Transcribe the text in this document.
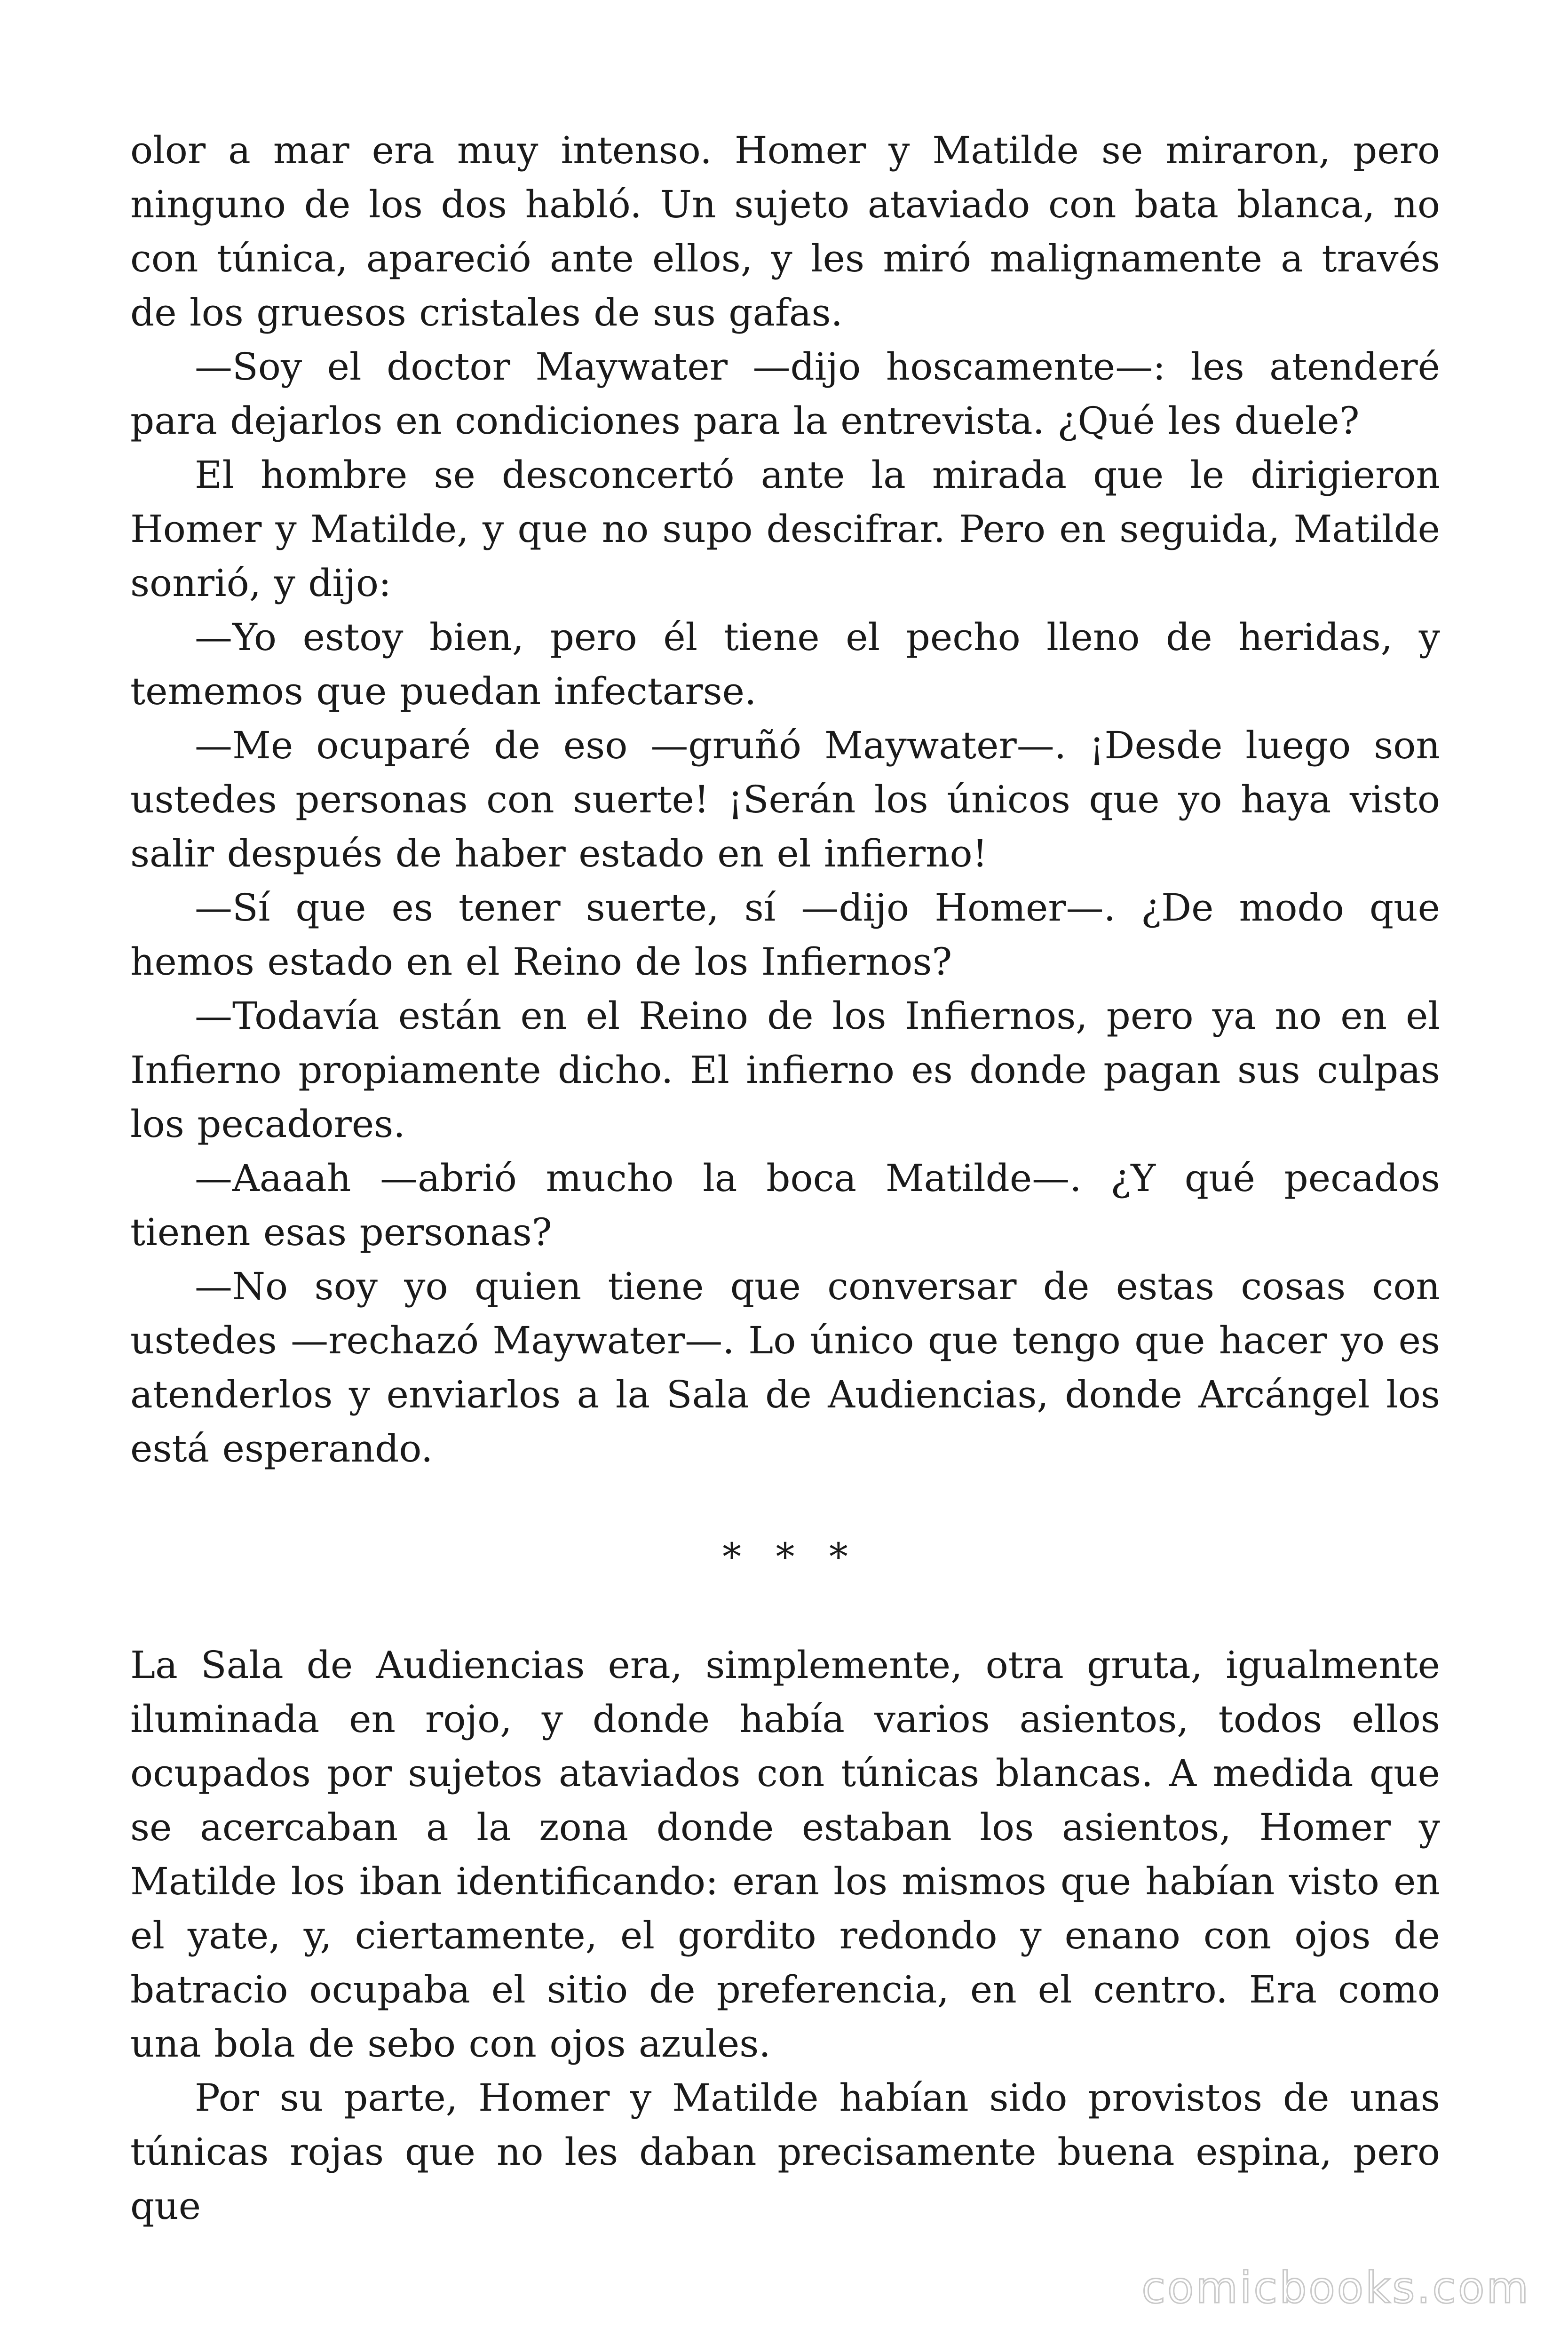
olor a mar era muy intenso. Homer y Matilde se miraron, pero ninguno de los dos habló. Un sujeto ataviado con bata blanca, no con túnica, apareció ante ellos, y les miró malignamente a través de los gruesos cristales de sus gafas.

—Soy el doctor Maywater —dijo hoscamente—: les atenderé para dejarlos en condiciones para la entrevista. ¿Qué les duele?

El hombre se desconcertó ante la mirada que le dirigieron Homer y Matilde, y que no supo descifrar. Pero en seguida, Matilde sonrió, y dijo:

—Yo estoy bien, pero él tiene el pecho lleno de heridas, y tememos que puedan infectarse.

—Me ocuparé de eso —gruñó Maywater—. ¡Desde luego son ustedes personas con suerte! ¡Serán los únicos que yo haya visto salir después de haber estado en el infierno!

—Sí que es tener suerte, sí —dijo Homer—. ¿De modo que hemos estado en el Reino de los Infiernos?

—Todavía están en el Reino de los Infiernos, pero ya no en el Infierno propiamente dicho. El infierno es donde pagan sus culpas los pecadores.

—Aaaah —abrió mucho la boca Matilde—. ¿Y qué pecados tienen esas personas?

—No soy yo quien tiene que conversar de estas cosas con ustedes —rechazó Maywater—. Lo único que tengo que hacer yo es atenderlos y enviarlos a la Sala de Audiencias, donde Arcángel los está esperando.

* * *

La Sala de Audiencias era, simplemente, otra gruta, igualmente iluminada en rojo, y donde había varios asientos, todos ellos ocupados por sujetos ataviados con túnicas blancas. A medida que se acercaban a la zona donde estaban los asientos, Homer y Matilde los iban identificando: eran los mismos que habían visto en el yate, y, ciertamente, el gordito redondo y enano con ojos de batracio ocupaba el sitio de preferencia, en el centro. Era como una bola de sebo con ojos azules.

Por su parte, Homer y Matilde habían sido provistos de unas túnicas rojas que no les daban precisamente buena espina, pero que

comicbooks.com
